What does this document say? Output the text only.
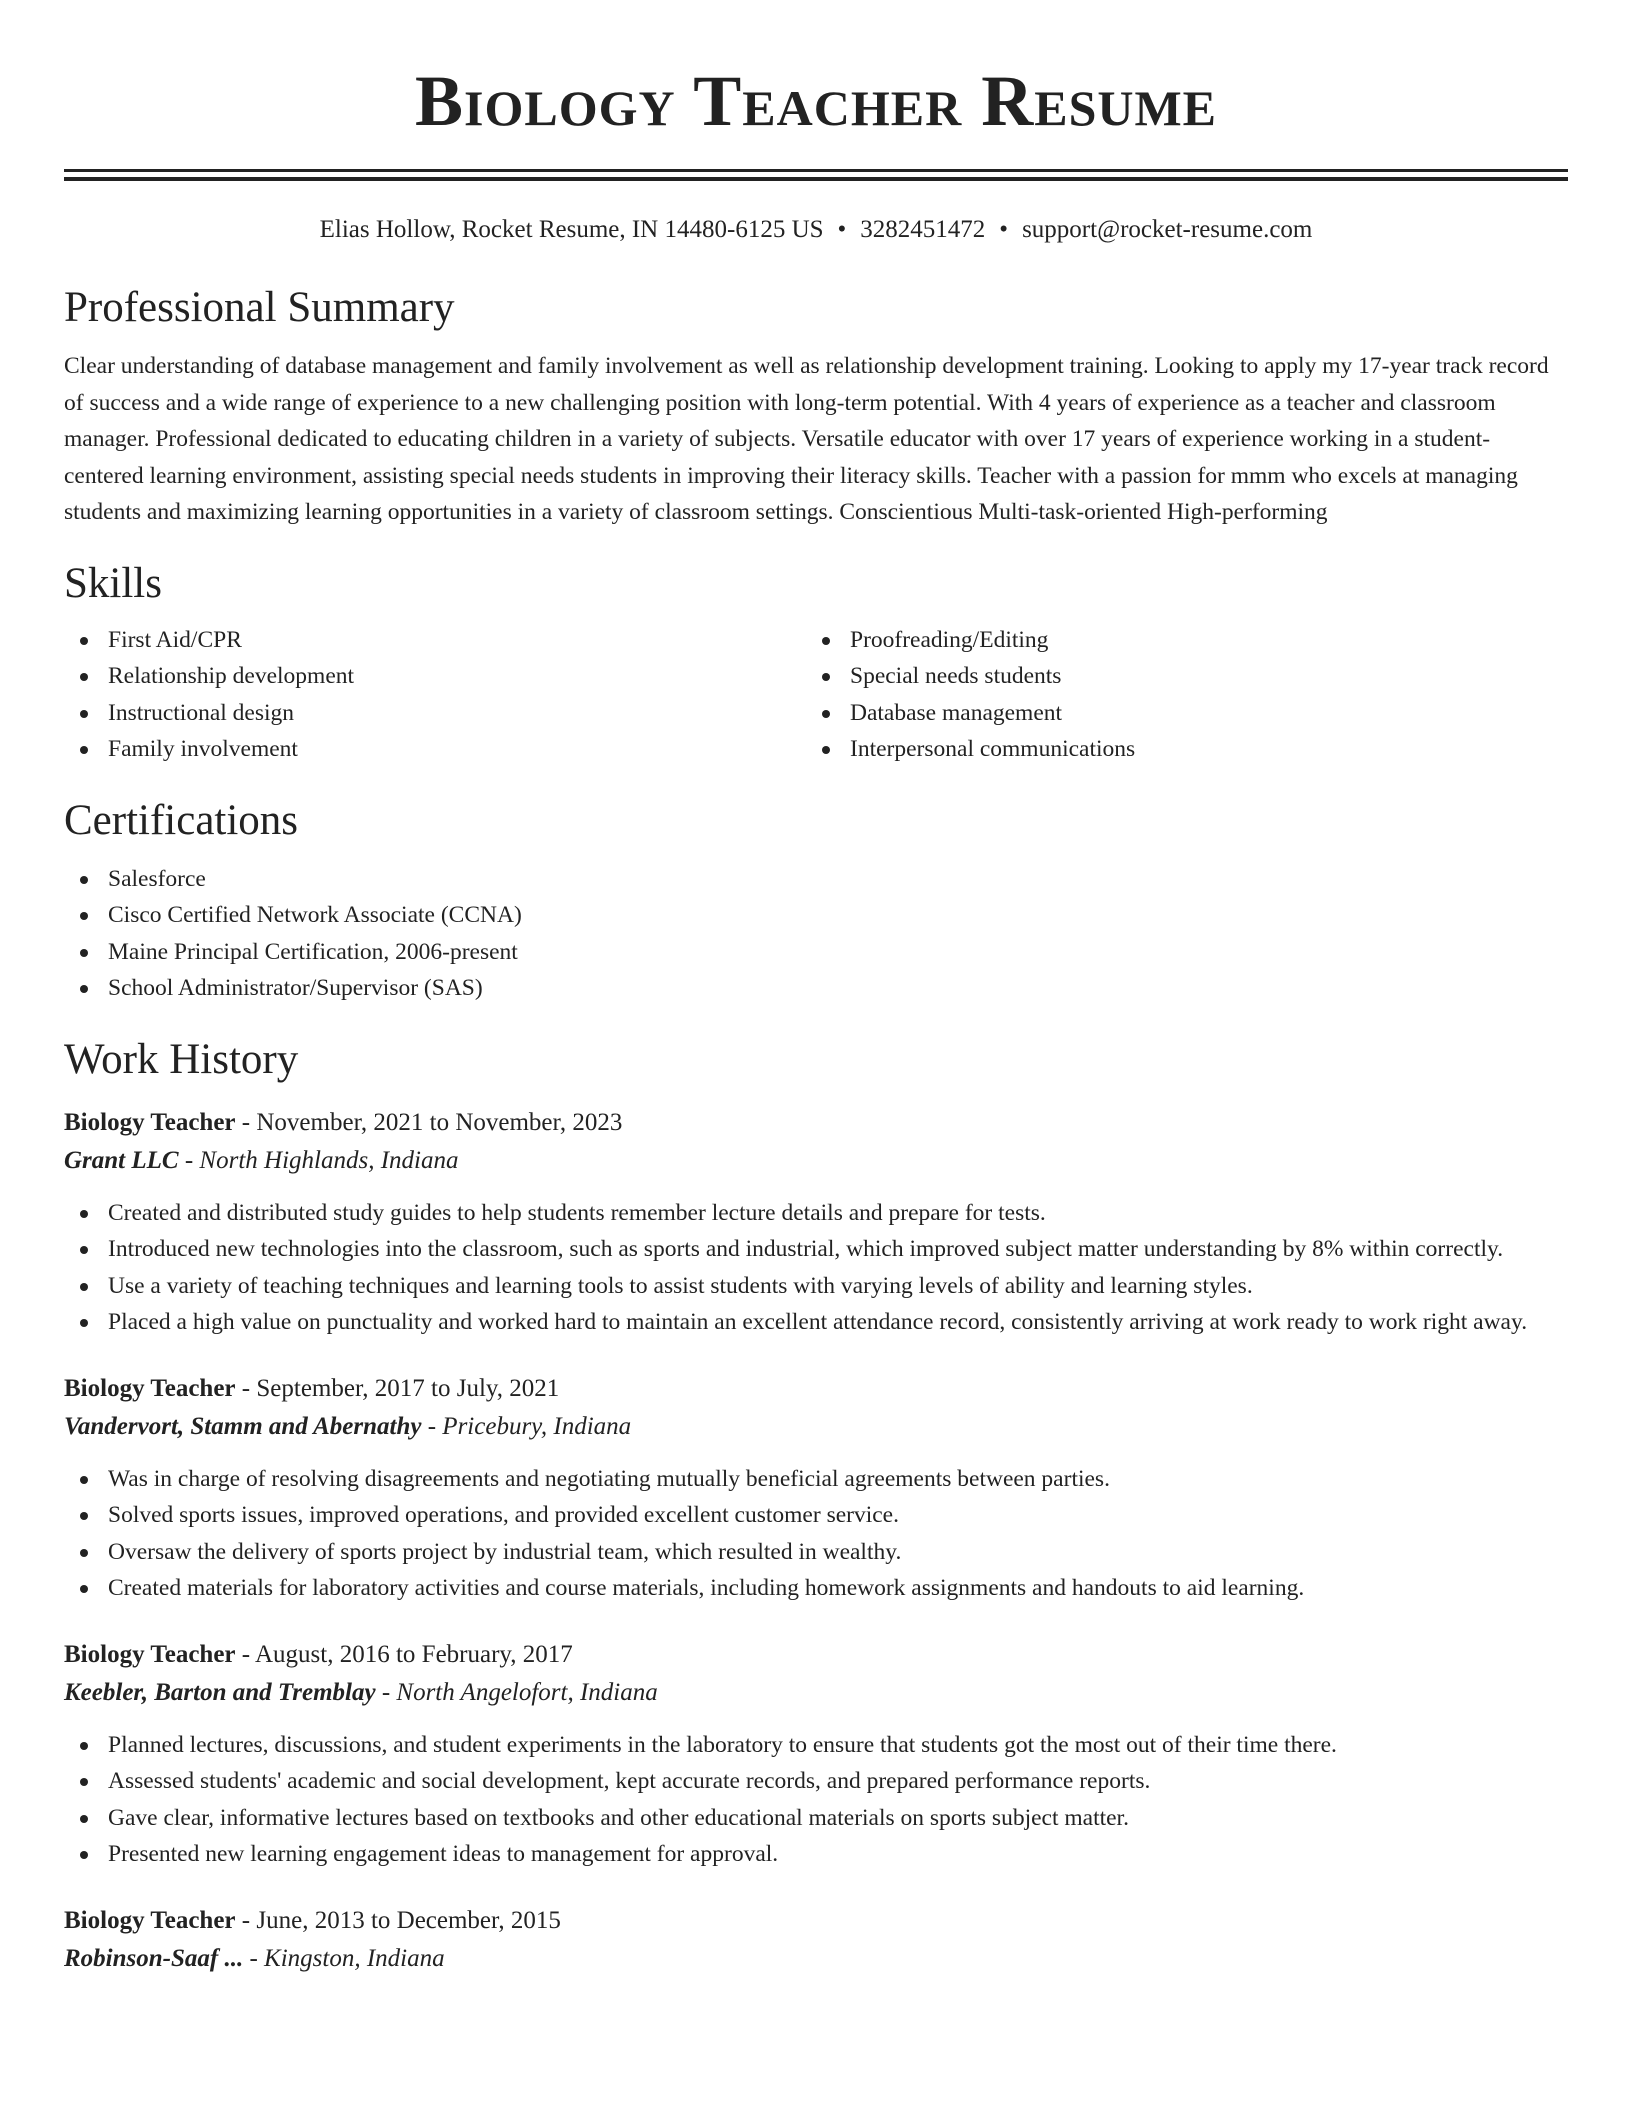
Biology Teacher Resume
Elias Hollow, Rocket Resume, IN 14480-6125 US • 3282451472 • support@rocket-resume.com
Professional Summary

Clear understanding of database management and family involvement as well as relationship development training. Looking to apply my 17-year track record of success and a wide range of experience to a new challenging position with long-term potential. With 4 years of experience as a teacher and classroom manager. Professional dedicated to educating children in a variety of subjects. Versatile educator with over 17 years of experience working in a student-centered learning environment, assisting special needs students in improving their literacy skills. Teacher with a passion for mmm who excels at managing students and maximizing learning opportunities in a variety of classroom settings. Conscientious Multi-task-oriented High-performing

Skills
First Aid/CPR
Relationship development
Instructional design
Family involvement
Proofreading/Editing
Special needs students
Database management
Interpersonal communications
Certifications
Salesforce
Cisco Certified Network Associate (CCNA)
Maine Principal Certification, 2006-present
School Administrator/Supervisor (SAS)
Work History
Biology Teacher - November, 2021 to November, 2023
Grant LLC - North Highlands, Indiana
Created and distributed study guides to help students remember lecture details and prepare for tests.
Introduced new technologies into the classroom, such as sports and industrial, which improved subject matter understanding by 8% within correctly.
Use a variety of teaching techniques and learning tools to assist students with varying levels of ability and learning styles.
Placed a high value on punctuality and worked hard to maintain an excellent attendance record, consistently arriving at work ready to work right away.
Biology Teacher - September, 2017 to July, 2021
Vandervort, Stamm and Abernathy - Pricebury, Indiana
Was in charge of resolving disagreements and negotiating mutually beneficial agreements between parties.
Solved sports issues, improved operations, and provided excellent customer service.
Oversaw the delivery of sports project by industrial team, which resulted in wealthy.
Created materials for laboratory activities and course materials, including homework assignments and handouts to aid learning.
Biology Teacher - August, 2016 to February, 2017
Keebler, Barton and Tremblay - North Angelofort, Indiana
Planned lectures, discussions, and student experiments in the laboratory to ensure that students got the most out of their time there.
Assessed students' academic and social development, kept accurate records, and prepared performance reports.
Gave clear, informative lectures based on textbooks and other educational materials on sports subject matter.
Presented new learning engagement ideas to management for approval.
Biology Teacher - June, 2013 to December, 2015
Robinson-Saaf ... - Kingston, Indiana
